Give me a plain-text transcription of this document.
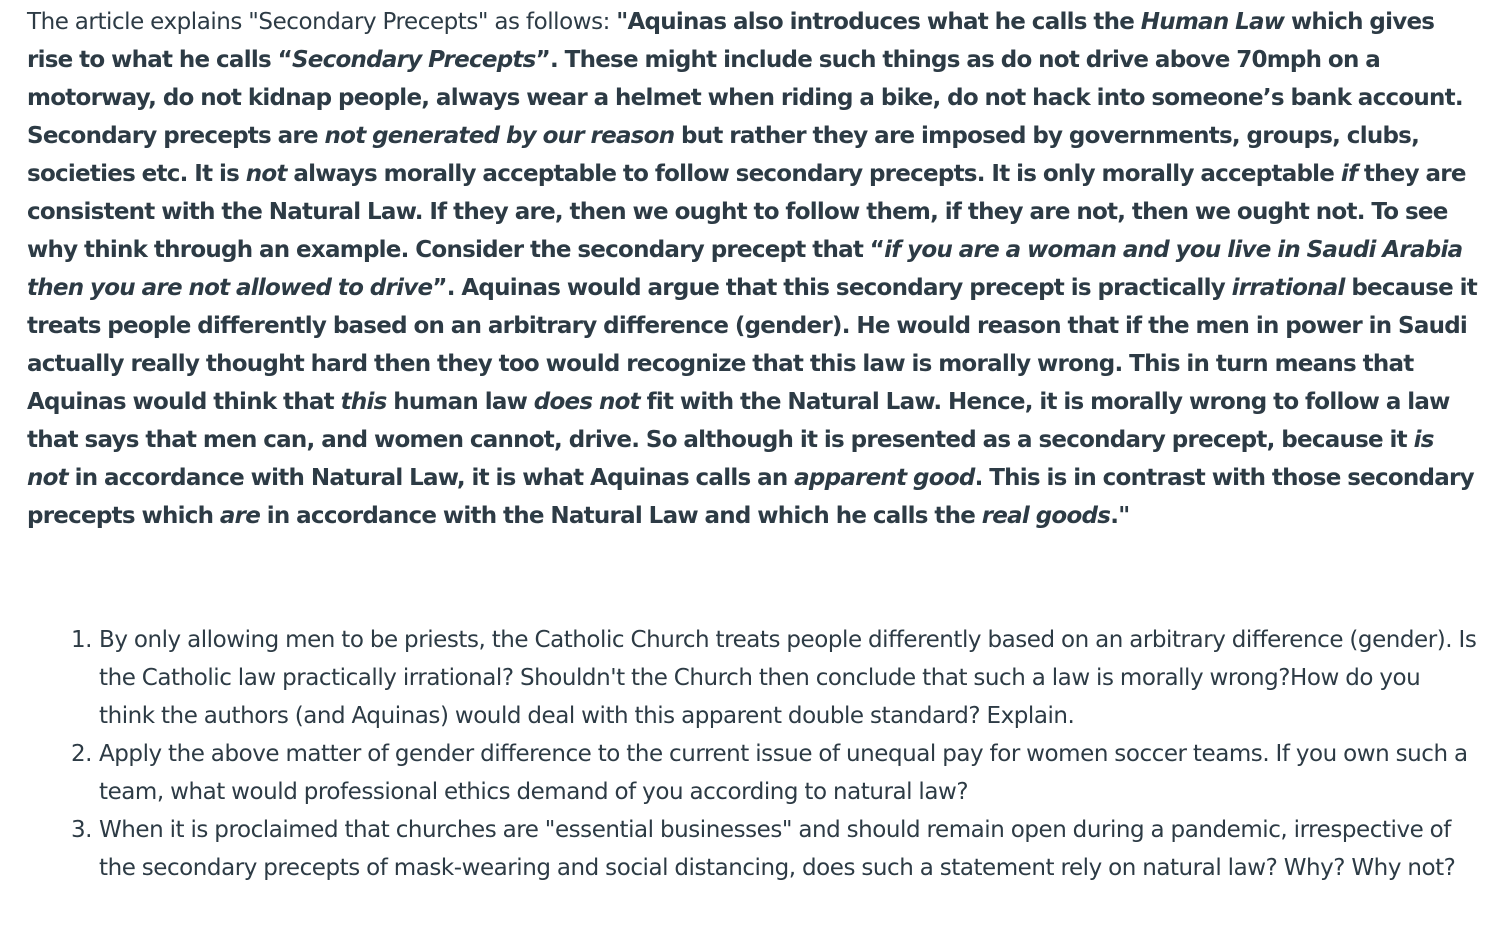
The article explains "Secondary Precepts" as follows: "Aquinas also introduces what he calls the Human Law which gives rise to what he calls “Secondary Precepts”. These might include such things as do not drive above 70mph on a motorway, do not kidnap people, always wear a helmet when riding a bike, do not hack into someone’s bank account. Secondary precepts are not generated by our reason but rather they are imposed by governments, groups, clubs, societies etc. It is not always morally acceptable to follow secondary precepts. It is only morally acceptable if they are consistent with the Natural Law. If they are, then we ought to follow them, if they are not, then we ought not. To see why think through an example. Consider the secondary precept that “if you are a woman and you live in Saudi Arabia then you are not allowed to drive”. Aquinas would argue that this secondary precept is practically irrational because it treats people differently based on an arbitrary difference (gender). He would reason that if the men in power in Saudi actually really thought hard then they too would recognize that this law is morally wrong. This in turn means that Aquinas would think that this human law does not fit with the Natural Law. Hence, it is morally wrong to follow a law that says that men can, and women cannot, drive. So although it is presented as a secondary precept, because it is not in accordance with Natural Law, it is what Aquinas calls an apparent good. This is in contrast with those secondary precepts which are in accordance with the Natural Law and which he calls the real goods."

1. By only allowing men to be priests, the Catholic Church treats people differently based on an arbitrary difference (gender). Is the Catholic law practically irrational? Shouldn't the Church then conclude that such a law is morally wrong?How do you think the authors (and Aquinas) would deal with this apparent double standard? Explain.
2. Apply the above matter of gender difference to the current issue of unequal pay for women soccer teams. If you own such a team, what would professional ethics demand of you according to natural law?
3. When it is proclaimed that churches are "essential businesses" and should remain open during a pandemic, irrespective of the secondary precepts of mask-wearing and social distancing, does such a statement rely on natural law? Why? Why not?
